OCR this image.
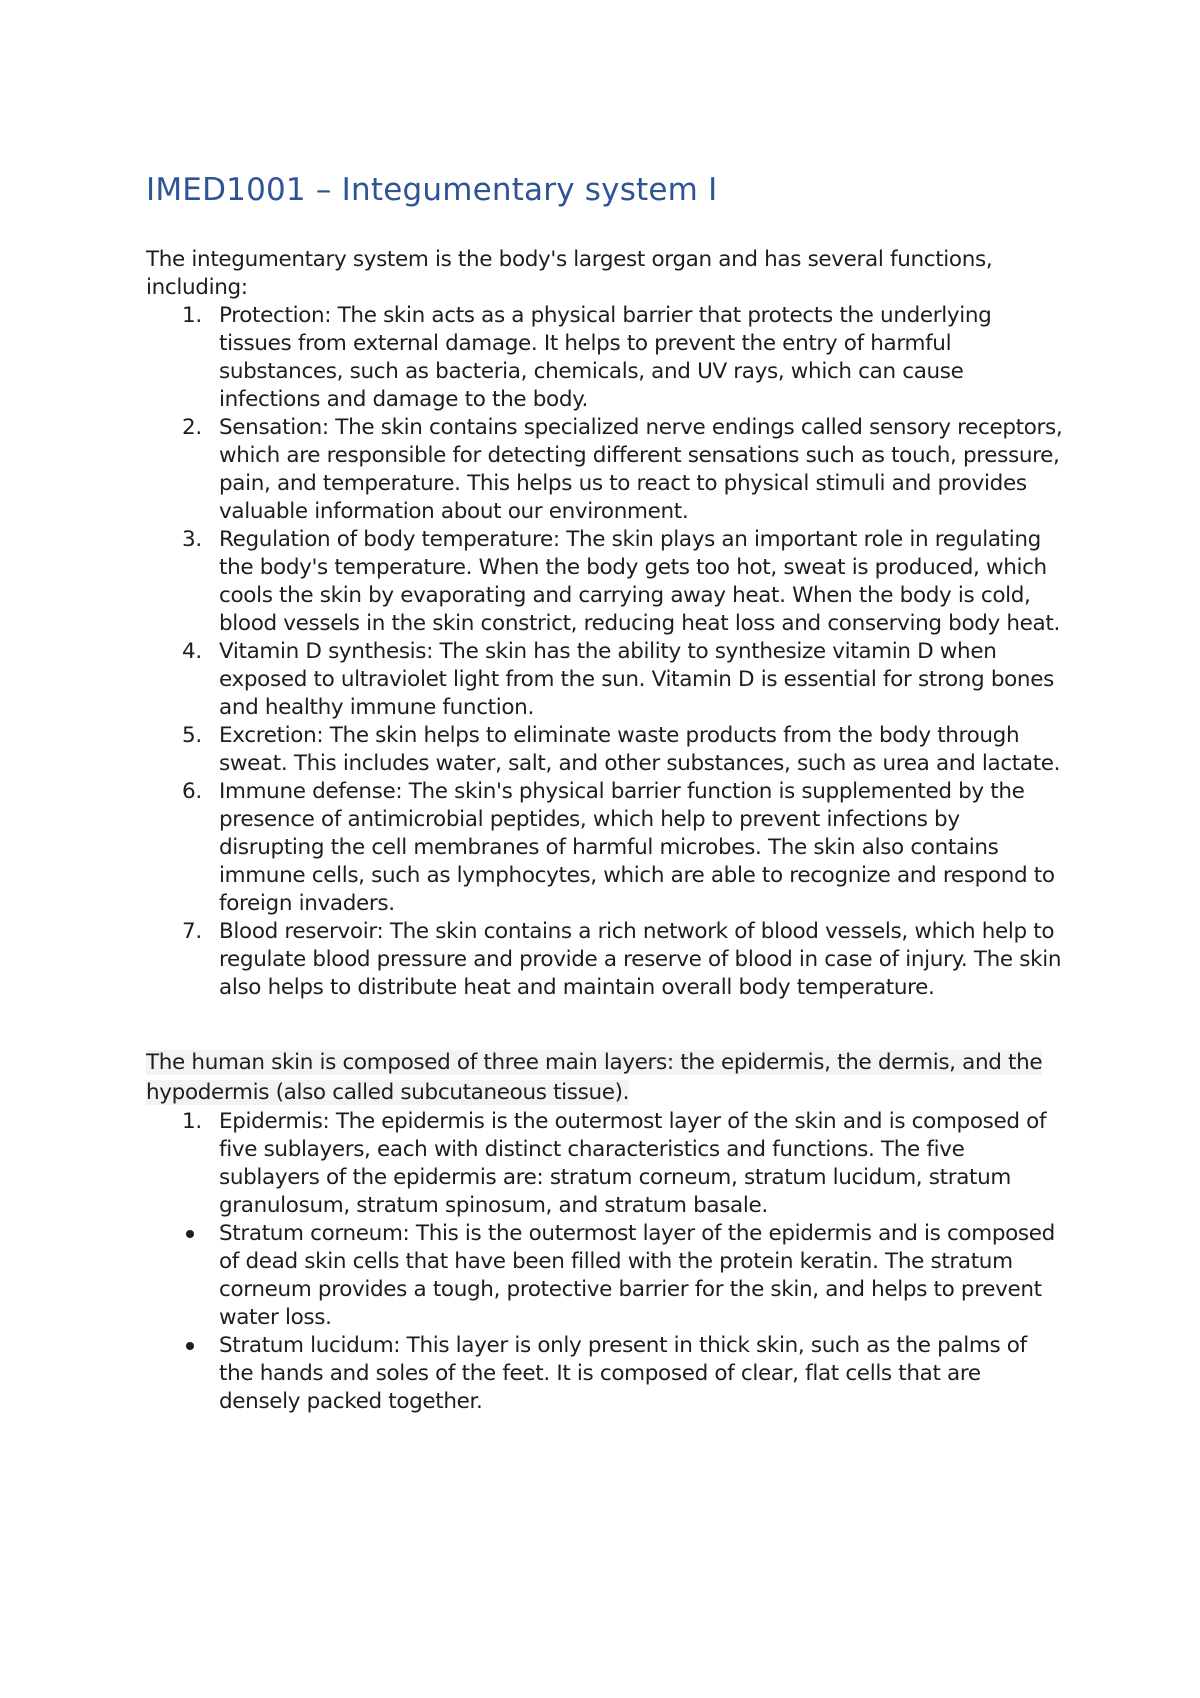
IMED1001 – Integumentary system I

The integumentary system is the body's largest organ and has several functions, including:

1. Protection: The skin acts as a physical barrier that protects the underlying tissues from external damage. It helps to prevent the entry of harmful substances, such as bacteria, chemicals, and UV rays, which can cause infections and damage to the body.
2. Sensation: The skin contains specialized nerve endings called sensory receptors, which are responsible for detecting different sensations such as touch, pressure, pain, and temperature. This helps us to react to physical stimuli and provides valuable information about our environment.
3. Regulation of body temperature: The skin plays an important role in regulating the body's temperature. When the body gets too hot, sweat is produced, which cools the skin by evaporating and carrying away heat. When the body is cold, blood vessels in the skin constrict, reducing heat loss and conserving body heat.
4. Vitamin D synthesis: The skin has the ability to synthesize vitamin D when exposed to ultraviolet light from the sun. Vitamin D is essential for strong bones and healthy immune function.
5. Excretion: The skin helps to eliminate waste products from the body through sweat. This includes water, salt, and other substances, such as urea and lactate.
6. Immune defense: The skin's physical barrier function is supplemented by the presence of antimicrobial peptides, which help to prevent infections by disrupting the cell membranes of harmful microbes. The skin also contains immune cells, such as lymphocytes, which are able to recognize and respond to foreign invaders.
7. Blood reservoir: The skin contains a rich network of blood vessels, which help to regulate blood pressure and provide a reserve of blood in case of injury. The skin also helps to distribute heat and maintain overall body temperature.

The human skin is composed of three main layers: the epidermis, the dermis, and the hypodermis (also called subcutaneous tissue).

1. Epidermis: The epidermis is the outermost layer of the skin and is composed of five sublayers, each with distinct characteristics and functions. The five sublayers of the epidermis are: stratum corneum, stratum lucidum, stratum granulosum, stratum spinosum, and stratum basale.
Stratum corneum: This is the outermost layer of the epidermis and is composed of dead skin cells that have been filled with the protein keratin. The stratum corneum provides a tough, protective barrier for the skin, and helps to prevent water loss.
Stratum lucidum: This layer is only present in thick skin, such as the palms of the hands and soles of the feet. It is composed of clear, flat cells that are densely packed together.
